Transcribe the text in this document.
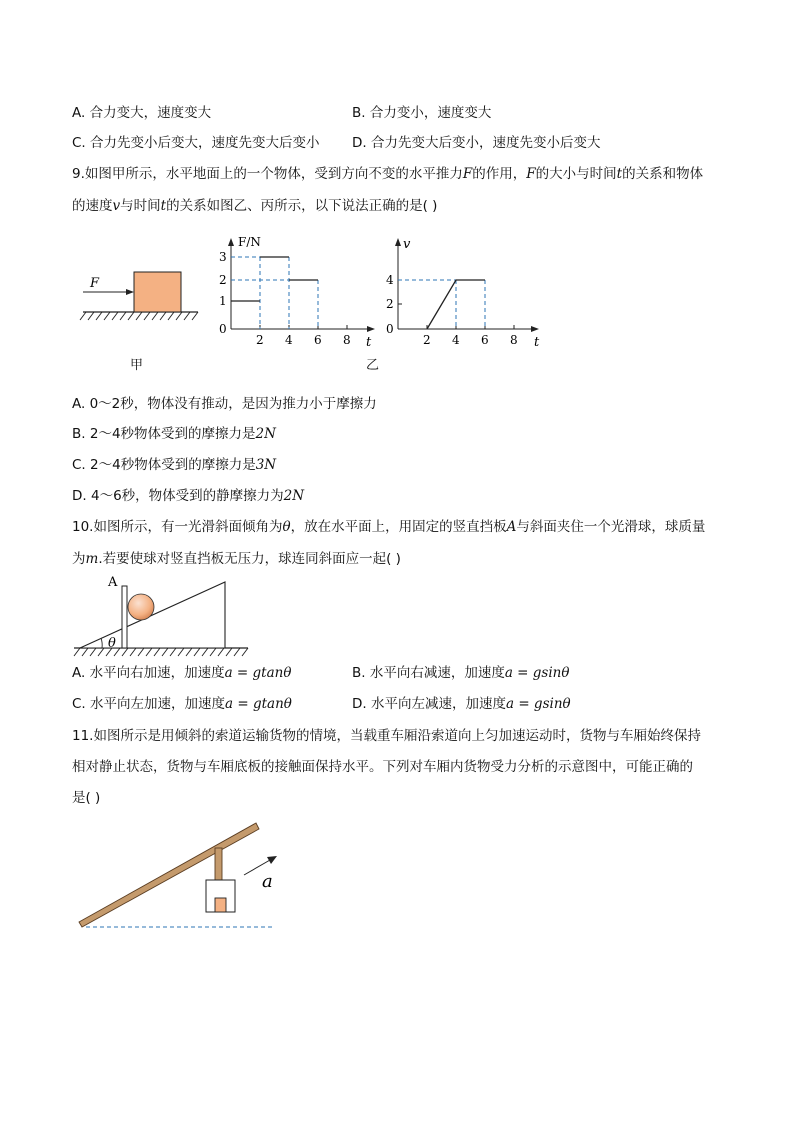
A. 合力变大，速度变大	B. 合力变小，速度变大
C. 合力先变小后变大，速度先变大后变小 D. 合力先变大后变小，速度先变小后变大
9.如图甲所示，水平地面上的一个物体，受到方向不变的水平推力F的作用，F的大小与时间t的关系和物体
的速度v与时间t的关系如图乙、丙所示，以下说法正确的是( )
F
甲
F/N
t
0
1
2
3
2 4 6 8
v
t
0
2
4
2 4 6 8
乙
A. 0～2秒，物体没有推动，是因为推力小于摩擦力
B. 2～4秒物体受到的摩擦力是2N
C. 2～4秒物体受到的摩擦力是3N
D. 4～6秒，物体受到的静摩擦力为2N
10.如图所示，有一光滑斜面倾角为θ，放在水平面上，用固定的竖直挡板A与斜面夹住一个光滑球，球质量
为m.若要使球对竖直挡板无压力，球连同斜面应一起( )
A
θ
A. 水平向右加速，加速度a = gtanθ	B. 水平向右减速，加速度a = gsinθ
C. 水平向左加速，加速度a = gtanθ	D. 水平向左减速，加速度a = gsinθ
11.如图所示是用倾斜的索道运输货物的情境，当载重车厢沿索道向上匀加速运动时，货物与车厢始终保持
相对静止状态，货物与车厢底板的接触面保持水平。下列对车厢内货物受力分析的示意图中，可能正确的
是( )
a
